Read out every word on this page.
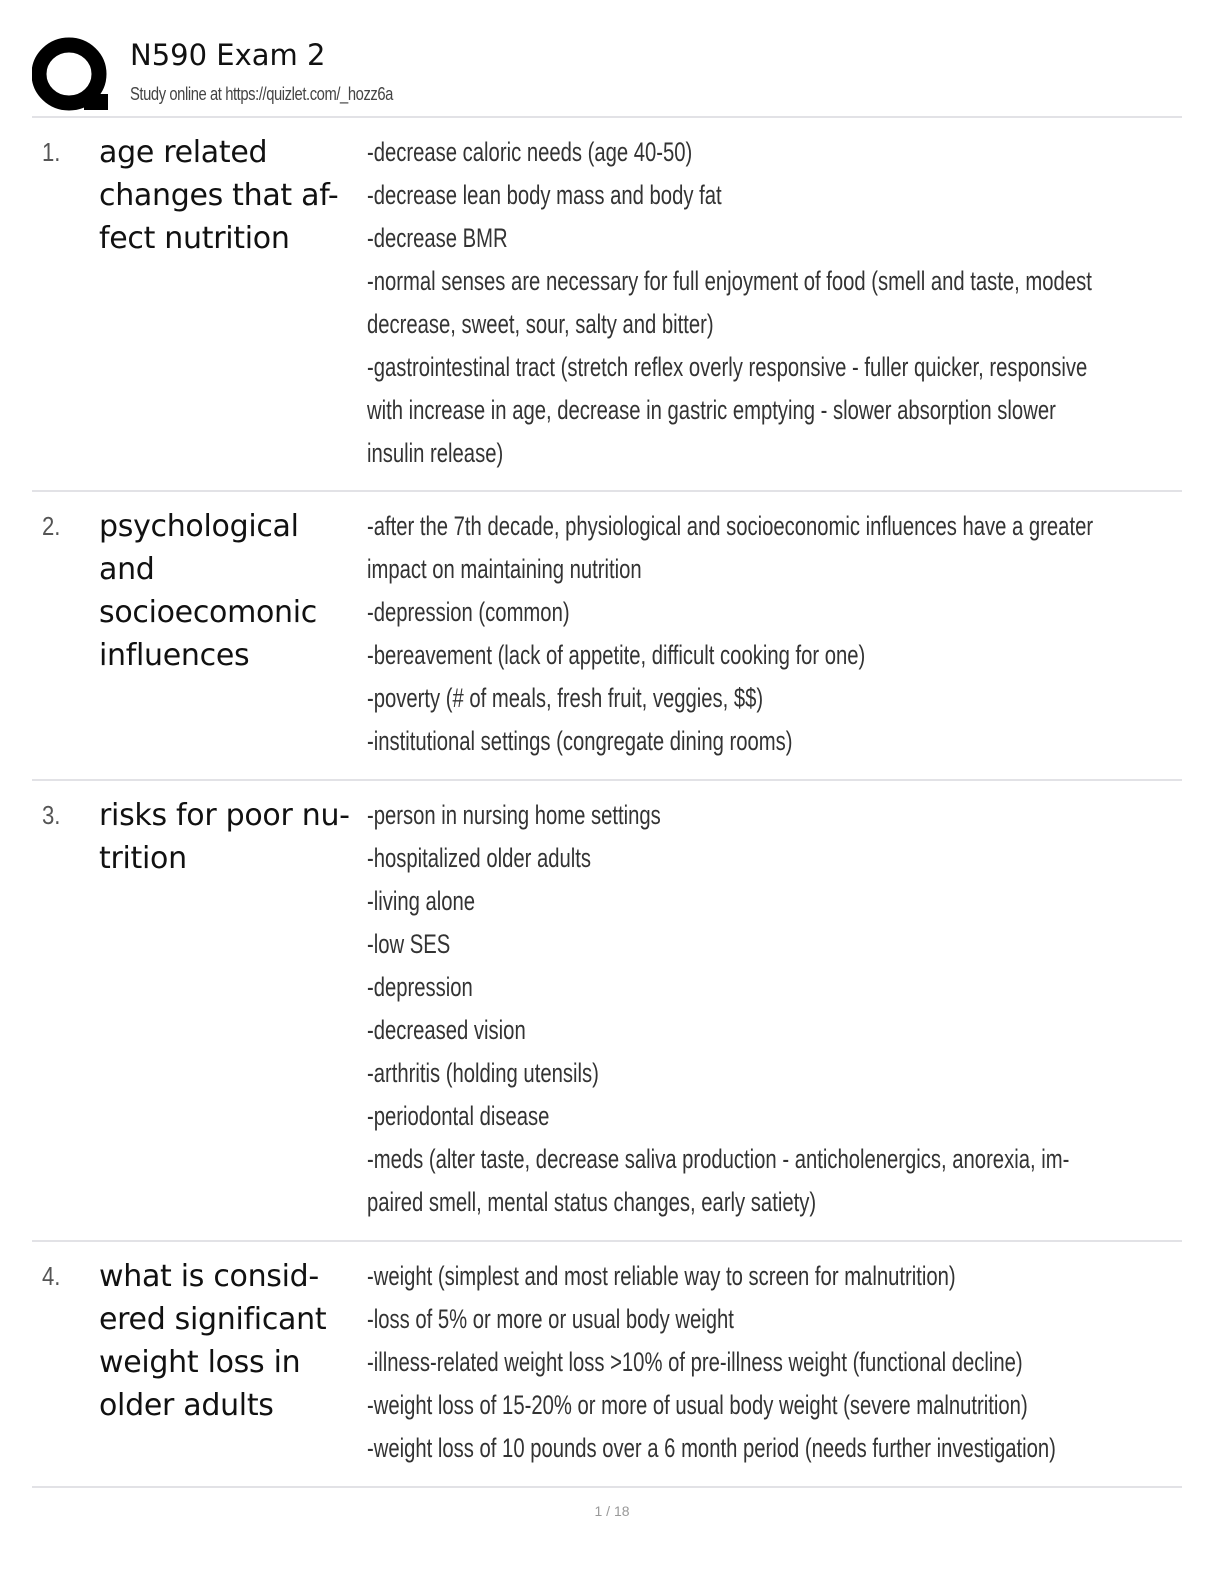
N590 Exam 2
Study online at https://quizlet.com/_hozz6a
1. age related
changes that af-
fect nutrition
-decrease caloric needs (age 40-50)
-decrease lean body mass and body fat
-decrease BMR
-normal senses are necessary for full enjoyment of food (smell and taste, modest
decrease, sweet, sour, salty and bitter)
-gastrointestinal tract (stretch reflex overly responsive - fuller quicker, responsive
with increase in age, decrease in gastric emptying - slower absorption slower
insulin release)
2. psychological
and
socioecomonic
influences
-after the 7th decade, physiological and socioeconomic influences have a greater
impact on maintaining nutrition
-depression (common)
-bereavement (lack of appetite, difficult cooking for one)
-poverty (# of meals, fresh fruit, veggies, $$)
-institutional settings (congregate dining rooms)
3. risks for poor nu-
trition
-person in nursing home settings
-hospitalized older adults
-living alone
-low SES
-depression
-decreased vision
-arthritis (holding utensils)
-periodontal disease
-meds (alter taste, decrease saliva production - anticholenergics, anorexia, im-
paired smell, mental status changes, early satiety)
4. what is consid-
ered significant
weight loss in
older adults
-weight (simplest and most reliable way to screen for malnutrition)
-loss of 5% or more or usual body weight
-illness-related weight loss >10% of pre-illness weight (functional decline)
-weight loss of 15-20% or more of usual body weight (severe malnutrition)
-weight loss of 10 pounds over a 6 month period (needs further investigation)
1 / 18
